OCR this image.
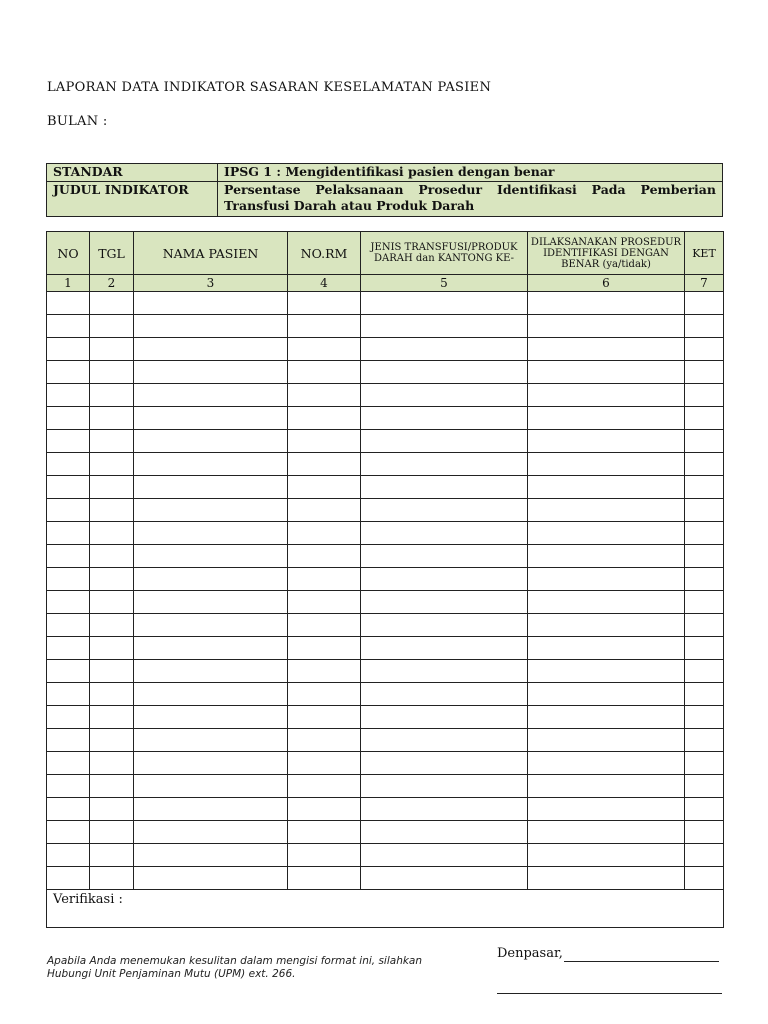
LAPORAN DATA INDIKATOR SASARAN KESELAMATAN PASIEN
BULAN :
STANDAR	IPSG 1 : Mengidentifikasi pasien dengan benar
JUDUL INDIKATOR	Persentase Pelaksanaan Prosedur Identifikasi Pada Pemberian Transfusi Darah atau Produk Darah
NO	TGL	NAMA PASIEN	NO.RM	JENIS TRANSFUSI/PRODUK DARAH dan KANTONG KE-	DILAKSANAKAN PROSEDUR IDENTIFIKASI DENGAN BENAR (ya/tidak)	KET
1	2	3	4	5	6	7

Verifikasi :						
Apabila Anda menemukan kesulitan dalam mengisi format ini, silahkan
Hubungi Unit Penjaminan Mutu (UPM) ext. 266.
Denpasar,
